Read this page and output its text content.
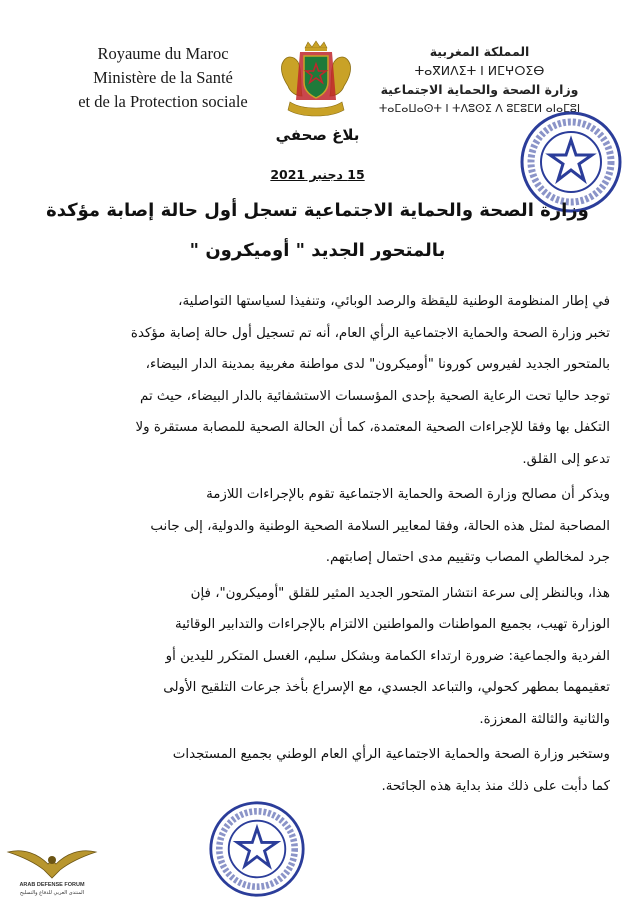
Royaume du Maroc
Ministère de la Santé
et de la Protection sociale
المملكة المغربية
ⵜⴰⴳⵍⴷⵉⵜ ⵏ ⵍⵎⵖⵔⵉⴱ
وزارة الصحة والحماية الاجتماعية
ⵜⴰⵎⴰⵡⴰⵙⵜ ⵏ ⵜⴷⵓⵙⵉ ⴷ ⵓⵎⵓⵎⵍ ⴰⵏⴰⵎⵓⵏ
بلاغ صحفي
15 دجنبر 2021
وزارة الصحة والحماية الاجتماعية تسجل أول حالة إصابة مؤكدة
بالمتحور الجديد " أوميكرون "
في إطار المنظومة الوطنية لليقظة والرصد الوبائي، وتنفيذا لسياستها التواصلية،
تخبر وزارة الصحة والحماية الاجتماعية الرأي العام، أنه تم تسجيل أول حالة إصابة مؤكدة
بالمتحور الجديد لفيروس كورونا "أوميكرون" لدى مواطنة مغربية بمدينة الدار البيضاء،
توجد حاليا تحت الرعاية الصحية بإحدى المؤسسات الاستشفائية بالدار البيضاء، حيث تم
التكفل بها وفقا للإجراءات الصحية المعتمدة، كما أن الحالة الصحية للمصابة مستقرة ولا
تدعو إلى القلق.
ويذكر أن مصالح وزارة الصحة والحماية الاجتماعية تقوم بالإجراءات اللازمة
المصاحبة لمثل هذه الحالة، وفقا لمعايير السلامة الصحية الوطنية والدولية، إلى جانب
جرد لمخالطي المصاب وتقييم مدى احتمال إصابتهم.
هذا، وبالنظر إلى سرعة انتشار المتحور الجديد المثير للقلق "أوميكرون"، فإن
الوزارة تهيب، بجميع المواطنات والمواطنين الالتزام بالإجراءات والتدابير الوقائية
الفردية والجماعية: ضرورة ارتداء الكمامة وبشكل سليم، الغسل المتكرر لليدين أو
تعقيمهما بمطهر كحولي، والتباعد الجسدي، مع الإسراع بأخذ جرعات التلقيح الأولى
والثانية والثالثة المعززة.
وستخبر وزارة الصحة والحماية الاجتماعية الرأي العام الوطني بجميع المستجدات
كما دأبت على ذلك منذ بداية هذه الجائحة.
ARAB DEFENSE FORUM
المنتدى العربي للدفاع والتسليح
